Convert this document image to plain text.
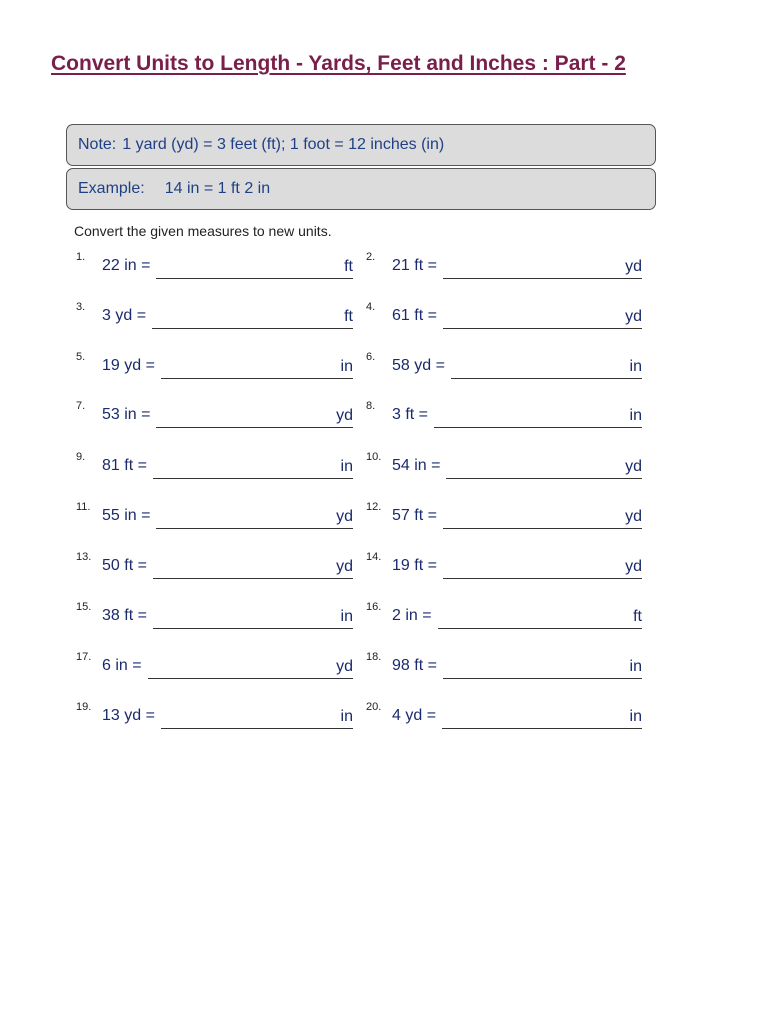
Convert Units to Length - Yards, Feet and Inches : Part - 2
Note: 1 yard (yd) = 3 feet (ft); 1 foot = 12 inches (in)
Example: 14 in = 1 ft 2 in
Convert the given measures to new units.
1.	22 in =	ft
2.	21 ft =	yd
3.	3 yd =	ft
4.	61 ft =	yd
5.	19 yd =	in
6.	58 yd =	in
7.	53 in =	yd
8.	3 ft =	in
9.	81 ft =	in
10. 54 in =	yd
11. 55 in =	yd
12. 57 ft =	yd
13. 50 ft =	yd
14. 19 ft =	yd
15. 38 ft =	in
16. 2 in =	ft
17. 6 in =	yd
18. 98 ft =	in
19. 13 yd =	in
20. 4 yd =	in
